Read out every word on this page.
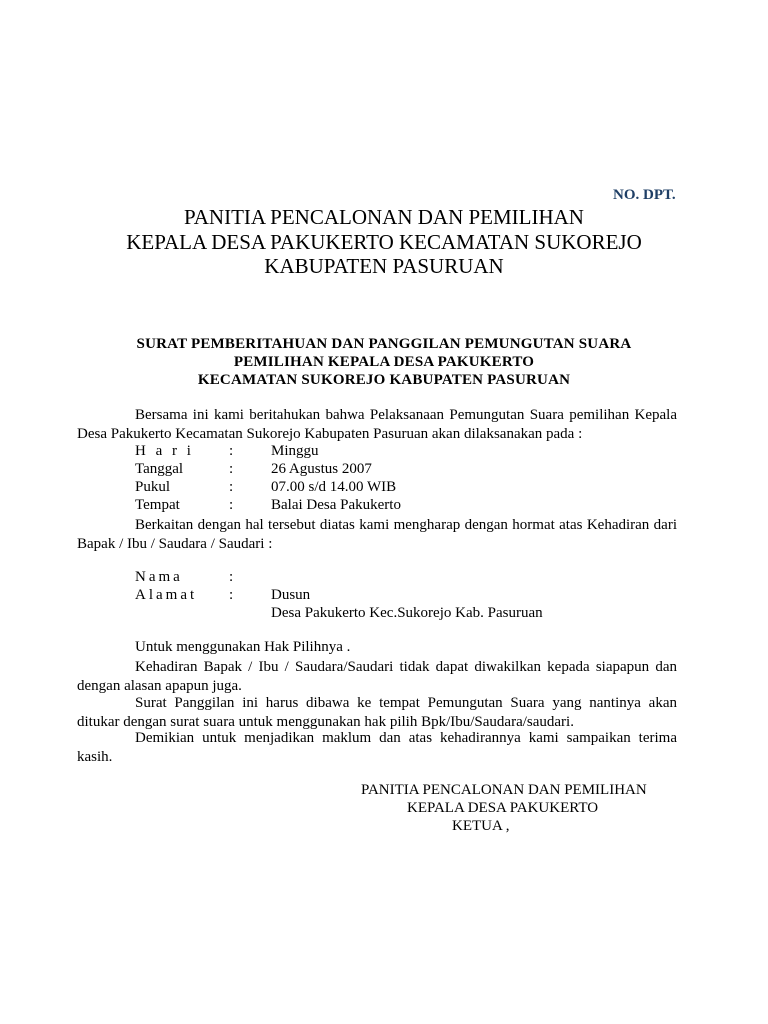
NO. DPT.
PANITIA PENCALONAN DAN PEMILIHAN
KEPALA DESA PAKUKERTO KECAMATAN SUKOREJO
KABUPATEN PASURUAN
SURAT PEMBERITAHUAN DAN PANGGILAN PEMUNGUTAN SUARA
PEMILIHAN KEPALA DESA PAKUKERTO
KECAMATAN SUKOREJO KABUPATEN PASURUAN
Bersama ini kami beritahukan bahwa Pelaksanaan Pemungutan Suara pemilihan Kepala Desa Pakukerto Kecamatan Sukorejo Kabupaten Pasuruan akan dilaksanakan pada :
H a r i :	Minggu
Tanggal	:	26 Agustus 2007
Pukul	:	07.00 s/d 14.00 WIB
Tempat	:	Balai Desa Pakukerto
Berkaitan dengan hal tersebut diatas kami mengharap dengan hormat atas Kehadiran dari Bapak / Ibu / Saudara / Saudari :
Nama	:
Alamat :	Dusun
Desa Pakukerto Kec.Sukorejo Kab. Pasuruan
Untuk menggunakan Hak Pilihnya .
Kehadiran Bapak / Ibu / Saudara/Saudari tidak dapat diwakilkan kepada siapapun dan dengan alasan apapun juga.
Surat Panggilan ini harus dibawa ke tempat Pemungutan Suara yang nantinya akan ditukar dengan surat suara untuk menggunakan hak pilih Bpk/Ibu/Saudara/saudari.
Demikian untuk menjadikan maklum dan atas kehadirannya kami sampaikan terima kasih.
PANITIA PENCALONAN DAN PEMILIHAN
KEPALA DESA PAKUKERTO
KETUA ,
